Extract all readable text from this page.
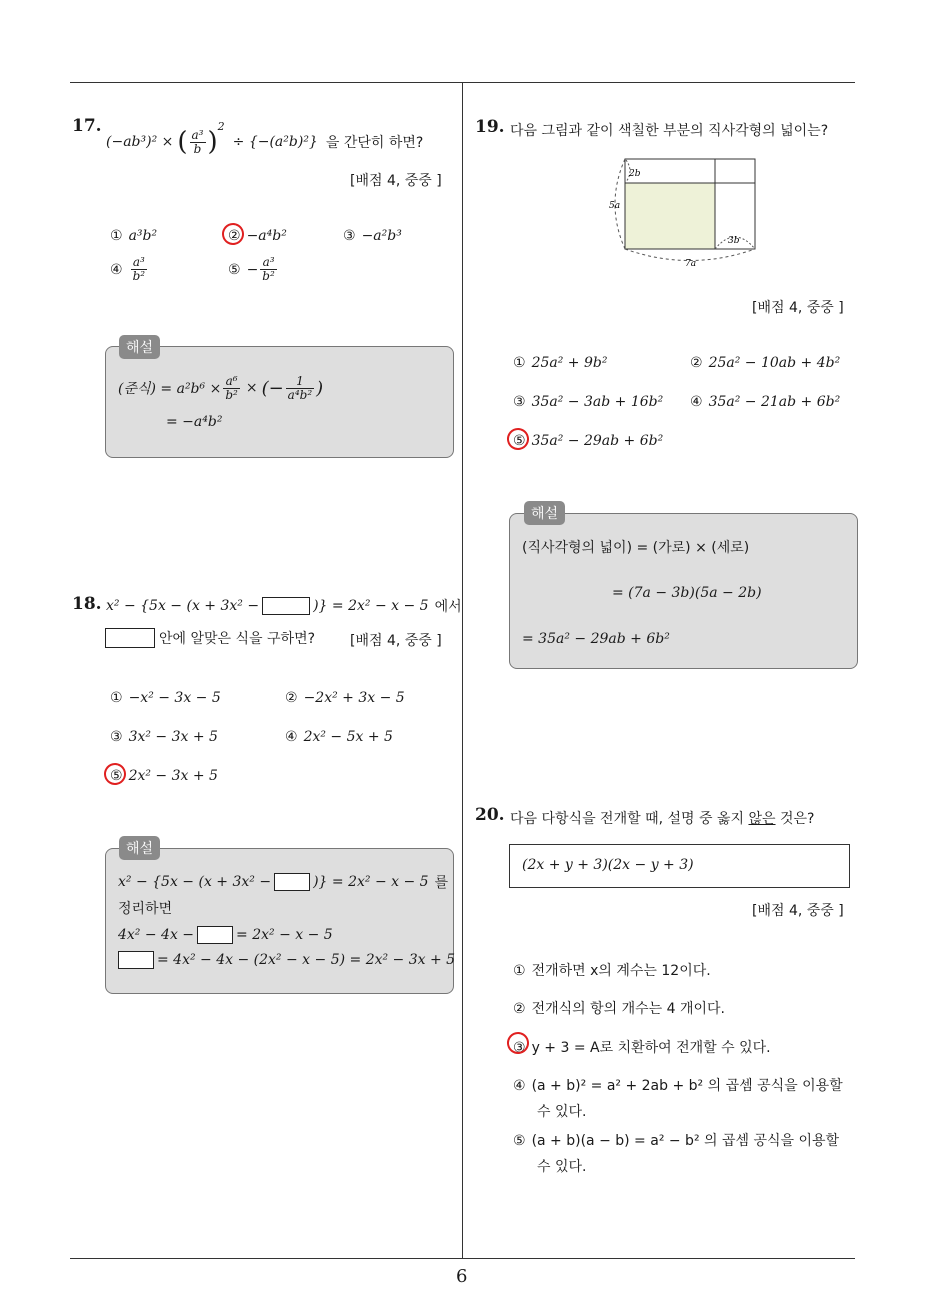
6
17.
(−ab³)² × ( $\frac{\text{a³}}{b}$ )
2
÷ {−(a²b)²} 을 간단히 하면?
[배점 4, 중중 ]
① a³b²	② −a⁴b²	③ −a²b³
④ $\frac{\text{a³}}{\text{b²}}$	⑤ − $\frac{\text{a³}}{\text{b²}}$
해설
(준식) = $a^2b^6 \times \frac{\text{a⁶}}{\text{b²}}$ × (− $\frac{1}{\text{a⁴b²}}$ )
= −a⁴b²
18. x² − {5x − (x + 3x² −	)} = 2x² − x − 5 에서
안에 알맞은 식을 구하면? [배점 4, 중중 ]
① −x² − 3x − 5	② −2x² + 3x − 5
③ 3x² − 3x + 5	④ 2x² − 5x + 5
⑤ 2x² − 3x + 5
해설
x² − {5x − (x + 3x² −	)} = 2x² − x − 5 를
정리하면
4x² − 4x −	= 2x² − x − 5
= 4x² − 4x − (2x² − x − 5) = 2x² − 3x + 5
19. 다음 그림과 같이 색칠한 부분의 직사각형의 넓이는?
2b
5a
7a
3b
[배점 4, 중중 ]
① 25a² + 9b²	② 25a² − 10ab + 4b²
③ 35a² − 3ab + 16b² ④ 35a² − 21ab + 6b²
⑤ 35a² − 29ab + 6b²
해설
(직사각형의 넓이) = (가로) × (세로)
= (7a − 3b)(5a − 2b)
= 35a² − 29ab + 6b²
20. 다음 다항식을 전개할 때, 설명 중 옳지 않은 것은?
(2x + y + 3)(2x − y + 3)
[배점 4, 중중 ]
① 전개하면 x의 계수는 12이다.
② 전개식의 항의 개수는 4 개이다.
③ y + 3 = A로 치환하여 전개할 수 있다.
④ (a + b)² = a² + 2ab + b² 의 곱셈 공식을 이용할
수 있다.
⑤ (a + b)(a − b) = a² − b² 의 곱셈 공식을 이용할
수 있다.
